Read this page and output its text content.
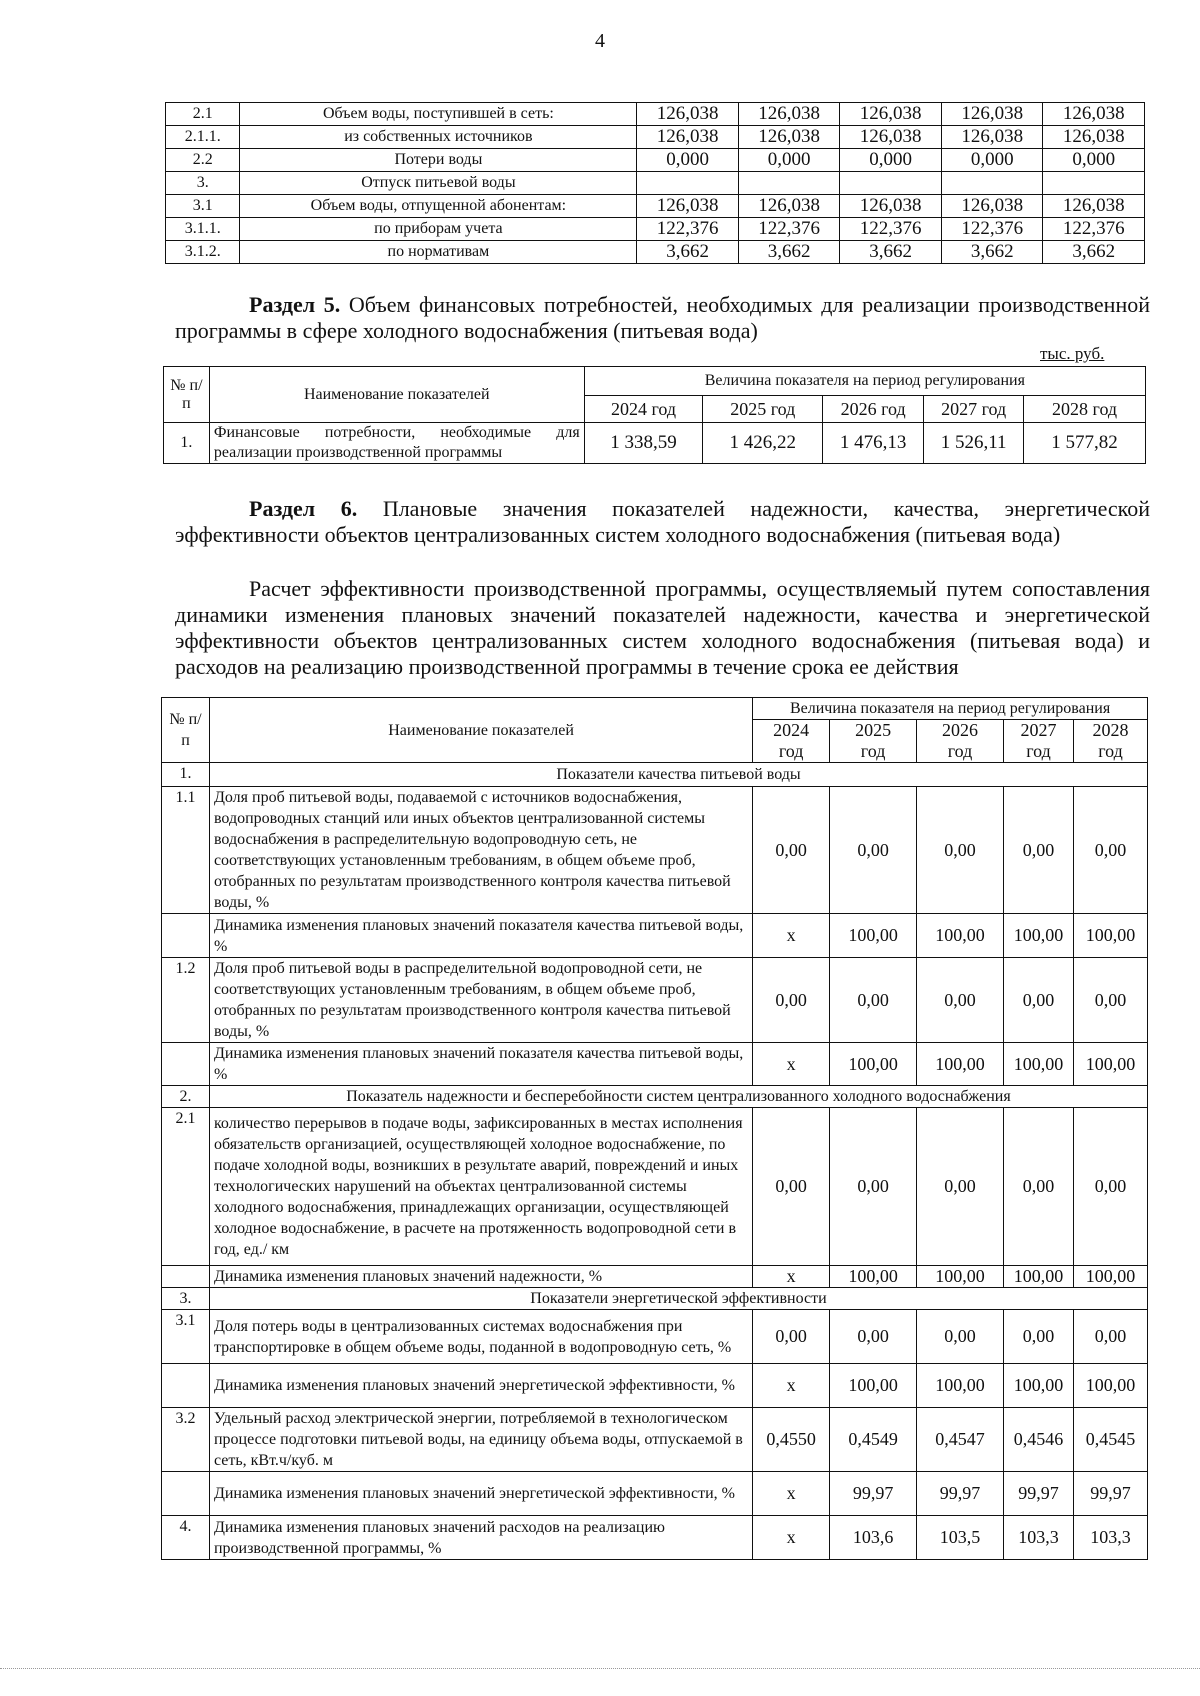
4
2.1	Объем воды, поступившей в сеть:	126,038	126,038	126,038	126,038	126,038
2.1.1.	из собственных источников	126,038	126,038	126,038	126,038	126,038
2.2	Потери воды	0,000	0,000	0,000	0,000	0,000
3.	Отпуск питьевой воды					
3.1	Объем воды, отпущенной абонентам:	126,038	126,038	126,038	126,038	126,038
3.1.1.	по приборам учета	122,376	122,376	122,376	122,376	122,376
3.1.2.	по нормативам	3,662	3,662	3,662	3,662	3,662
Раздел 5. Объем финансовых потребностей, необходимых для реализации производственной программы в сфере холодного водоснабжения (питьевая вода)
тыс. руб.
№ п/п	Наименование показателей	Величина показателя на период регулирования				
		2024 год	2025 год	2026 год	2027 год	2028 год
1.	Финансовые потребности, необходимые для реализации производственной программы	1 338,59	1 426,22	1 476,13	1 526,11	1 577,82
Раздел 6. Плановые значения показателей надежности, качества, энергетической эффективности объектов централизованных систем холодного водоснабжения (питьевая вода)
Расчет эффективности производственной программы, осуществляемый путем сопоставления динамики изменения плановых значений показателей надежности, качества и энергетической эффективности объектов централизованных систем холодного водоснабжения (питьевая вода) и расходов на реализацию производственной программы в течение срока ее действия
№ п/п	Наименование показателей	Величина показателя на период регулирования				
		2024	2025	2026	2027	2028
		год	год	год	год	год
1.	Показатели качества питьевой воды					
1.1	Доля проб питьевой воды, подаваемой с источников водоснабжения, водопроводных станций или иных объектов централизованной системы водоснабжения в распределительную водопроводную сеть, не соответствующих установленным требованиям, в общем объеме проб, отобранных по результатам производственного контроля качества питьевой воды, %	0,00	0,00	0,00	0,00	0,00
	Динамика изменения плановых значений показателя качества питьевой воды, %	х	100,00	100,00	100,00	100,00
1.2	Доля проб питьевой воды в распределительной водопроводной сети, не соответствующих установленным требованиям, в общем объеме проб, отобранных по результатам производственного контроля качества питьевой воды, %	0,00	0,00	0,00	0,00	0,00
	Динамика изменения плановых значений показателя качества питьевой воды, %	х	100,00	100,00	100,00	100,00
2.	Показатель надежности и бесперебойности систем централизованного холодного водоснабжения					
2.1	количество перерывов в подаче воды, зафиксированных в местах исполнения обязательств организацией, осуществляющей холодное водоснабжение, по подаче холодной воды, возникших в результате аварий, повреждений и иных технологических нарушений на объектах централизованной системы холодного водоснабжения, принадлежащих организации, осуществляющей холодное водоснабжение, в расчете на протяженность водопроводной сети в год, ед./ км	0,00	0,00	0,00	0,00	0,00
	Динамика изменения плановых значений надежности, %	х	100,00	100,00	100,00	100,00
3.	Показатели энергетической эффективности					
3.1	Доля потерь воды в централизованных системах водоснабжения при транспортировке в общем объеме воды, поданной в водопроводную сеть, %	0,00	0,00	0,00	0,00	0,00
	Динамика изменения плановых значений энергетической эффективности, %	х	100,00	100,00	100,00	100,00
3.2	Удельный расход электрической энергии, потребляемой в технологическом процессе подготовки питьевой воды, на единицу объема воды, отпускаемой в сеть, кВт.ч/куб. м	0,4550	0,4549	0,4547	0,4546	0,4545
	Динамика изменения плановых значений энергетической эффективности, %	х	99,97	99,97	99,97	99,97
4.	Динамика изменения плановых значений расходов на реализацию производственной программы, %	х	103,6	103,5	103,3	103,3
